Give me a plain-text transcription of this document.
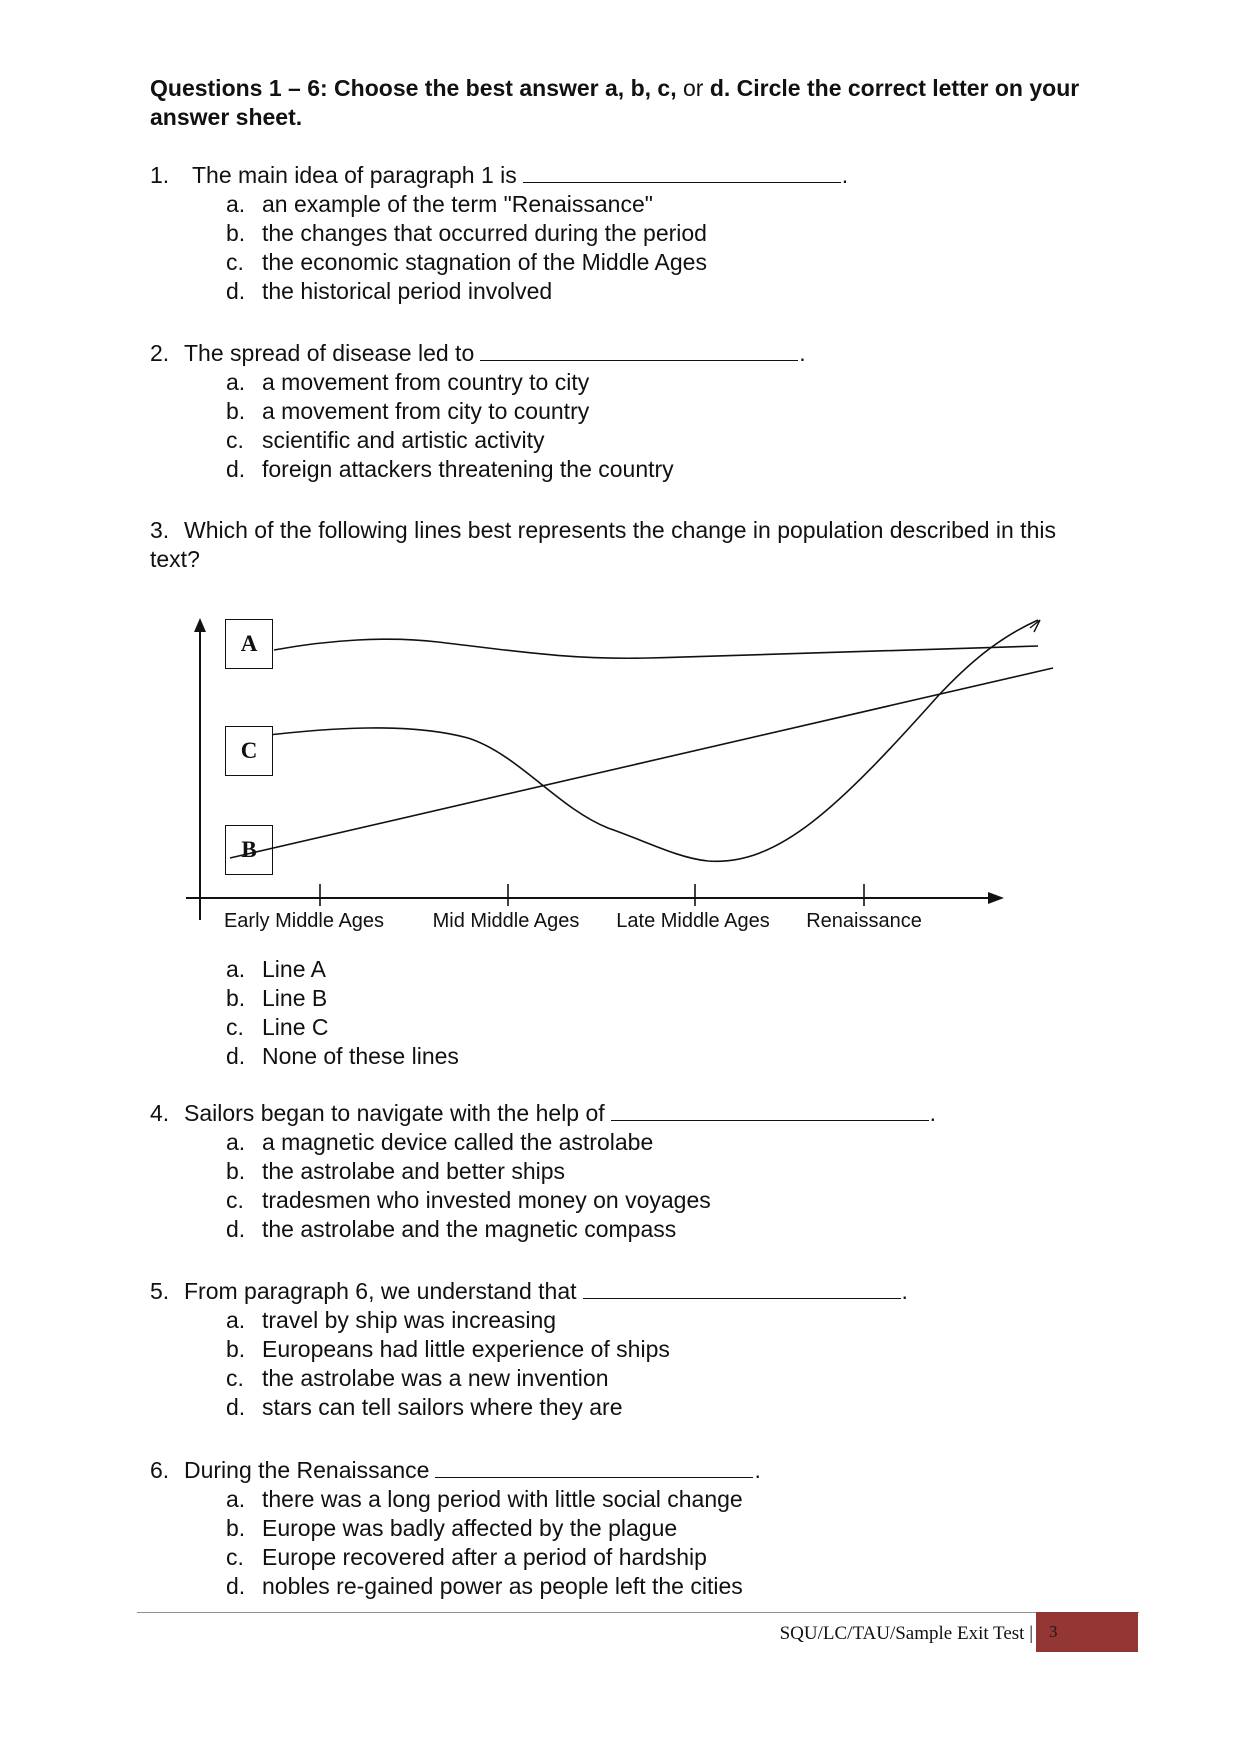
Questions 1 – 6: Choose the best answer a, b, c, or d. Circle the correct letter on your answer sheet.
1. The main idea of paragraph 1 is	.
a. an example of the term "Renaissance"
b. the changes that occurred during the period
c. the economic stagnation of the Middle Ages
d. the historical period involved
2. The spread of disease led to	.
a. a movement from country to city
b. a movement from city to country
c. scientific and artistic activity
d. foreign attackers threatening the country
3. Which of the following lines best represents the change in population described in this text?
A
C
B
Early Middle Ages Mid Middle Ages Late Middle Ages Renaissance
a. Line A
b. Line B
c. Line C
d. None of these lines
4. Sailors began to navigate with the help of	.
a. a magnetic device called the astrolabe
b. the astrolabe and better ships
c. tradesmen who invested money on voyages
d. the astrolabe and the magnetic compass
5. From paragraph 6, we understand that	.
a. travel by ship was increasing
b. Europeans had little experience of ships
c. the astrolabe was a new invention
d. stars can tell sailors where they are
6. During the Renaissance	.
a. there was a long period with little social change
b. Europe was badly affected by the plague
c. Europe recovered after a period of hardship
d. nobles re-gained power as people left the cities
SQU/LC/TAU/Sample Exit Test | 3
